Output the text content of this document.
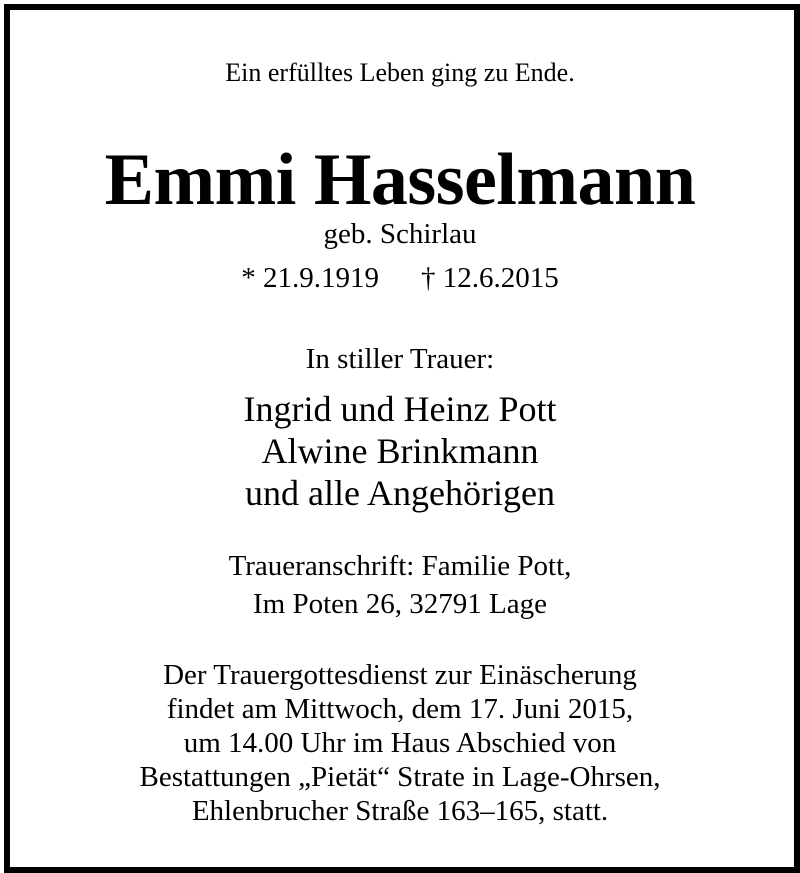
Ein erfülltes Leben ging zu Ende.
Emmi Hasselmann
geb. Schirlau
* 21.9.1919 † 12.6.2015
In stiller Trauer:
Ingrid und Heinz Pott
Alwine Brinkmann
und alle Angehörigen
Traueranschrift: Familie Pott,
Im Poten 26, 32791 Lage
Der Trauergottesdienst zur Einäscherung
findet am Mittwoch, dem 17. Juni 2015,
um 14.00 Uhr im Haus Abschied von
Bestattungen „Pietät“ Strate in Lage-Ohrsen,
Ehlenbrucher Straße 163–165, statt.
